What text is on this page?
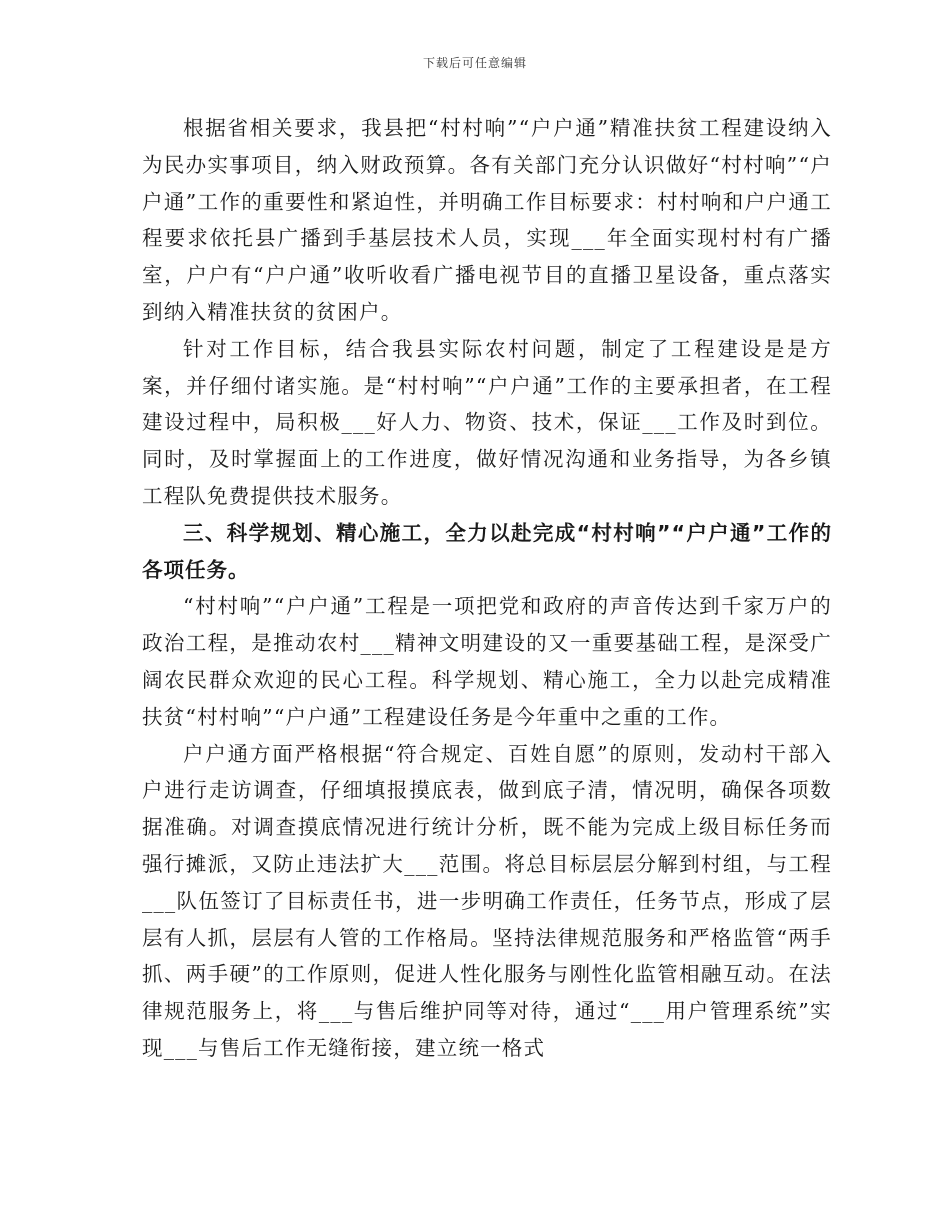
下载后可任意编辑

根据省相关要求，我县把“村村响”“户户通”精准扶贫工程建设纳入为民办实事项目，纳入财政预算。各有关部门充分认识做好“村村响”“户户通”工作的重要性和紧迫性，并明确工作目标要求：村村响和户户通工程要求依托县广播到手基层技术人员，实现___年全面实现村村有广播室，户户有“户户通”收听收看广播电视节目的直播卫星设备，重点落实到纳入精准扶贫的贫困户。

针对工作目标，结合我县实际农村问题，制定了工程建设是是方案，并仔细付诸实施。是“村村响”“户户通”工作的主要承担者，在工程建设过程中，局积极___好人力、物资、技术，保证___工作及时到位。同时，及时掌握面上的工作进度，做好情况沟通和业务指导，为各乡镇工程队免费提供技术服务。

三、科学规划、精心施工，全力以赴完成“村村响”“户户通”工作的各项任务。

“村村响”“户户通”工程是一项把党和政府的声音传达到千家万户的政治工程，是推动农村___精神文明建设的又一重要基础工程，是深受广阔农民群众欢迎的民心工程。科学规划、精心施工，全力以赴完成精准扶贫“村村响”“户户通”工程建设任务是今年重中之重的工作。

户户通方面严格根据“符合规定、百姓自愿”的原则，发动村干部入户进行走访调查，仔细填报摸底表，做到底子清，情况明，确保各项数据准确。对调查摸底情况进行统计分析，既不能为完成上级目标任务而强行摊派，又防止违法扩大___范围。将总目标层层分解到村组，与工程___队伍签订了目标责任书，进一步明确工作责任，任务节点，形成了层层有人抓，层层有人管的工作格局。坚持法律规范服务和严格监管“两手抓、两手硬”的工作原则，促进人性化服务与刚性化监管相融互动。在法律规范服务上，将___与售后维护同等对待，通过“___用户管理系统”实现___与售后工作无缝衔接，建立统一格式
